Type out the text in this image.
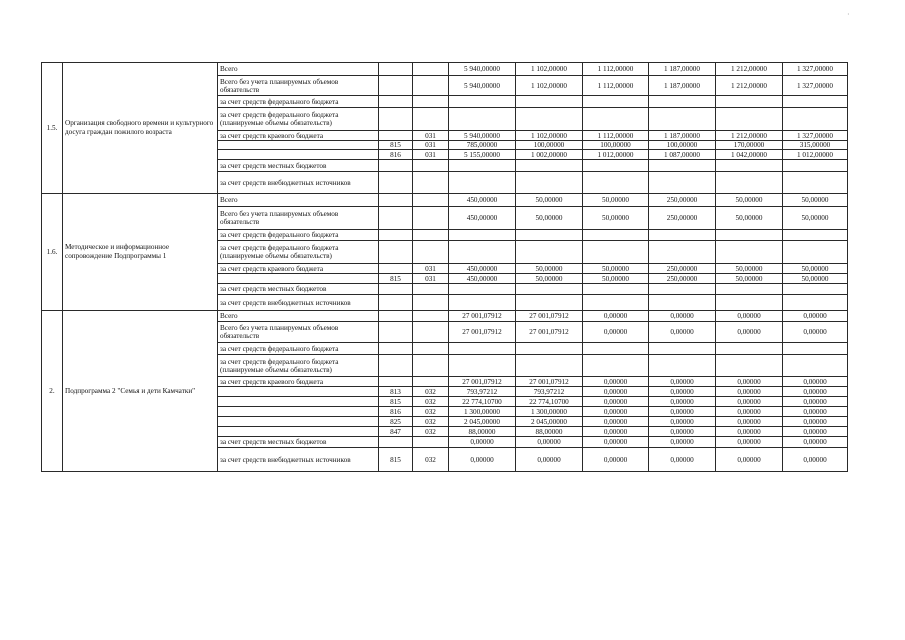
·
1.5.	Организация свободного времени и культурного досуга граждан пожилого возраста	Всего			5 940,00000	1 102,00000	1 112,00000	1 187,00000	1 212,00000	1 327,00000
		Всего без учета планируемых объемов обязательств			5 940,00000	1 102,00000	1 112,00000	1 187,00000	1 212,00000	1 327,00000
		за счет средств федерального бюджета								
		за счет средств федерального бюджета (планируемые объемы обязательств)								
		за счет средств краевого бюджета		031	5 940,00000	1 102,00000	1 112,00000	1 187,00000	1 212,00000	1 327,00000
			815	031	785,00000	100,00000	100,00000	100,00000	170,00000	315,00000
			816	031	5 155,00000	1 002,00000	1 012,00000	1 087,00000	1 042,00000	1 012,00000
		за счет средств местных бюджетов								
		за счет средств внебюджетных источников								
1.6.	Методическое и информационное сопровождение Подпрограммы 1	Всего			450,00000	50,00000	50,00000	250,00000	50,00000	50,00000
		Всего без учета планируемых объемов обязательств			450,00000	50,00000	50,00000	250,00000	50,00000	50,00000
		за счет средств федерального бюджета								
		за счет средств федерального бюджета (планируемые объемы обязательств)								
		за счет средств краевого бюджета		031	450,00000	50,00000	50,00000	250,00000	50,00000	50,00000
			815	031	450,00000	50,00000	50,00000	250,00000	50,00000	50,00000
		за счет средств местных бюджетов								
		за счет средств внебюджетных источников								
2.	Подпрограмма 2 "Семья и дети Камчатки"	Всего			27 001,07912	27 001,07912	0,00000	0,00000	0,00000	0,00000
		Всего без учета планируемых объемов обязательств			27 001,07912	27 001,07912	0,00000	0,00000	0,00000	0,00000
		за счет средств федерального бюджета								
		за счет средств федерального бюджета (планируемые объемы обязательств)								
		за счет средств краевого бюджета			27 001,07912	27 001,07912	0,00000	0,00000	0,00000	0,00000
			813	032	793,97212	793,97212	0,00000	0,00000	0,00000	0,00000
			815	032	22 774,10700	22 774,10700	0,00000	0,00000	0,00000	0,00000
			816	032	1 300,00000	1 300,00000	0,00000	0,00000	0,00000	0,00000
			825	032	2 045,00000	2 045,00000	0,00000	0,00000	0,00000	0,00000
			847	032	88,00000	88,00000	0,00000	0,00000	0,00000	0,00000
		за счет средств местных бюджетов			0,00000	0,00000	0,00000	0,00000	0,00000	0,00000
		за счет средств внебюджетных источников	815	032	0,00000	0,00000	0,00000	0,00000	0,00000	0,00000
